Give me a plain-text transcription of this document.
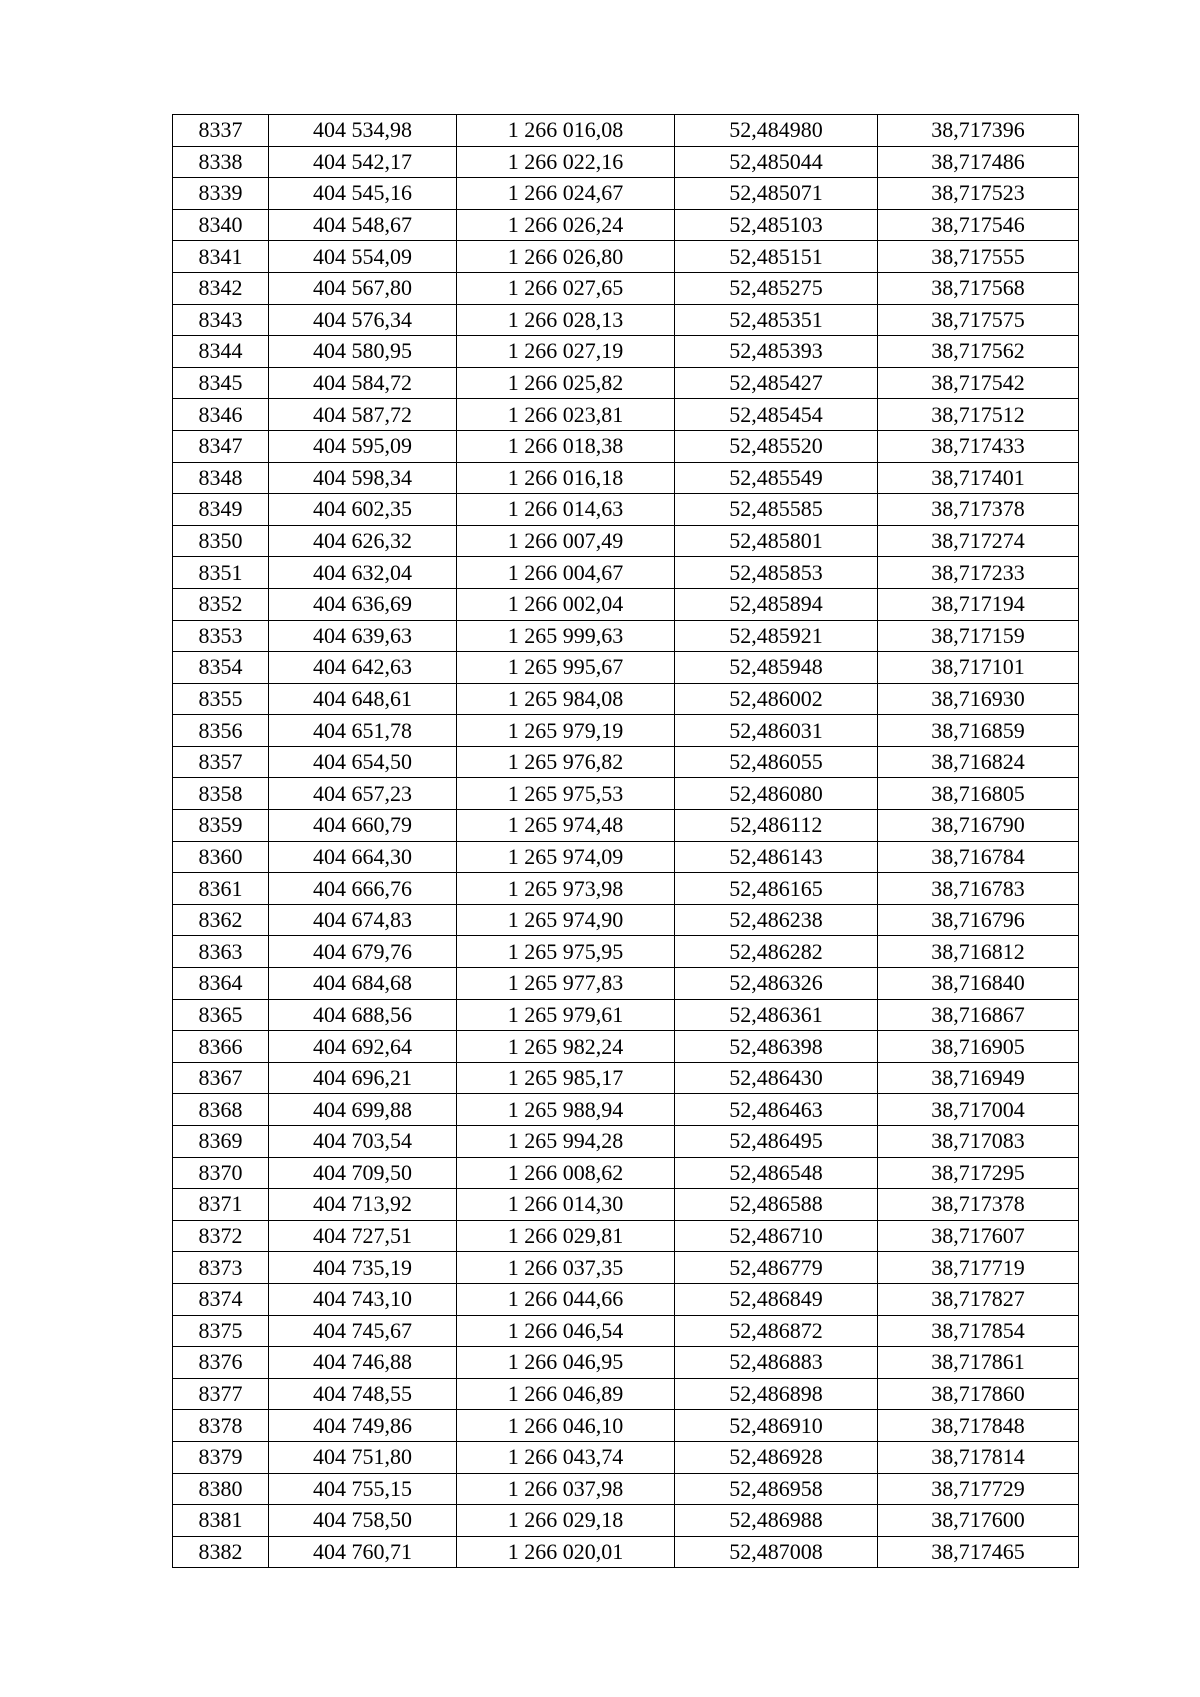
8337	404 534,98	1 266 016,08	52,484980	38,717396
8338	404 542,17	1 266 022,16	52,485044	38,717486
8339	404 545,16	1 266 024,67	52,485071	38,717523
8340	404 548,67	1 266 026,24	52,485103	38,717546
8341	404 554,09	1 266 026,80	52,485151	38,717555
8342	404 567,80	1 266 027,65	52,485275	38,717568
8343	404 576,34	1 266 028,13	52,485351	38,717575
8344	404 580,95	1 266 027,19	52,485393	38,717562
8345	404 584,72	1 266 025,82	52,485427	38,717542
8346	404 587,72	1 266 023,81	52,485454	38,717512
8347	404 595,09	1 266 018,38	52,485520	38,717433
8348	404 598,34	1 266 016,18	52,485549	38,717401
8349	404 602,35	1 266 014,63	52,485585	38,717378
8350	404 626,32	1 266 007,49	52,485801	38,717274
8351	404 632,04	1 266 004,67	52,485853	38,717233
8352	404 636,69	1 266 002,04	52,485894	38,717194
8353	404 639,63	1 265 999,63	52,485921	38,717159
8354	404 642,63	1 265 995,67	52,485948	38,717101
8355	404 648,61	1 265 984,08	52,486002	38,716930
8356	404 651,78	1 265 979,19	52,486031	38,716859
8357	404 654,50	1 265 976,82	52,486055	38,716824
8358	404 657,23	1 265 975,53	52,486080	38,716805
8359	404 660,79	1 265 974,48	52,486112	38,716790
8360	404 664,30	1 265 974,09	52,486143	38,716784
8361	404 666,76	1 265 973,98	52,486165	38,716783
8362	404 674,83	1 265 974,90	52,486238	38,716796
8363	404 679,76	1 265 975,95	52,486282	38,716812
8364	404 684,68	1 265 977,83	52,486326	38,716840
8365	404 688,56	1 265 979,61	52,486361	38,716867
8366	404 692,64	1 265 982,24	52,486398	38,716905
8367	404 696,21	1 265 985,17	52,486430	38,716949
8368	404 699,88	1 265 988,94	52,486463	38,717004
8369	404 703,54	1 265 994,28	52,486495	38,717083
8370	404 709,50	1 266 008,62	52,486548	38,717295
8371	404 713,92	1 266 014,30	52,486588	38,717378
8372	404 727,51	1 266 029,81	52,486710	38,717607
8373	404 735,19	1 266 037,35	52,486779	38,717719
8374	404 743,10	1 266 044,66	52,486849	38,717827
8375	404 745,67	1 266 046,54	52,486872	38,717854
8376	404 746,88	1 266 046,95	52,486883	38,717861
8377	404 748,55	1 266 046,89	52,486898	38,717860
8378	404 749,86	1 266 046,10	52,486910	38,717848
8379	404 751,80	1 266 043,74	52,486928	38,717814
8380	404 755,15	1 266 037,98	52,486958	38,717729
8381	404 758,50	1 266 029,18	52,486988	38,717600
8382	404 760,71	1 266 020,01	52,487008	38,717465
